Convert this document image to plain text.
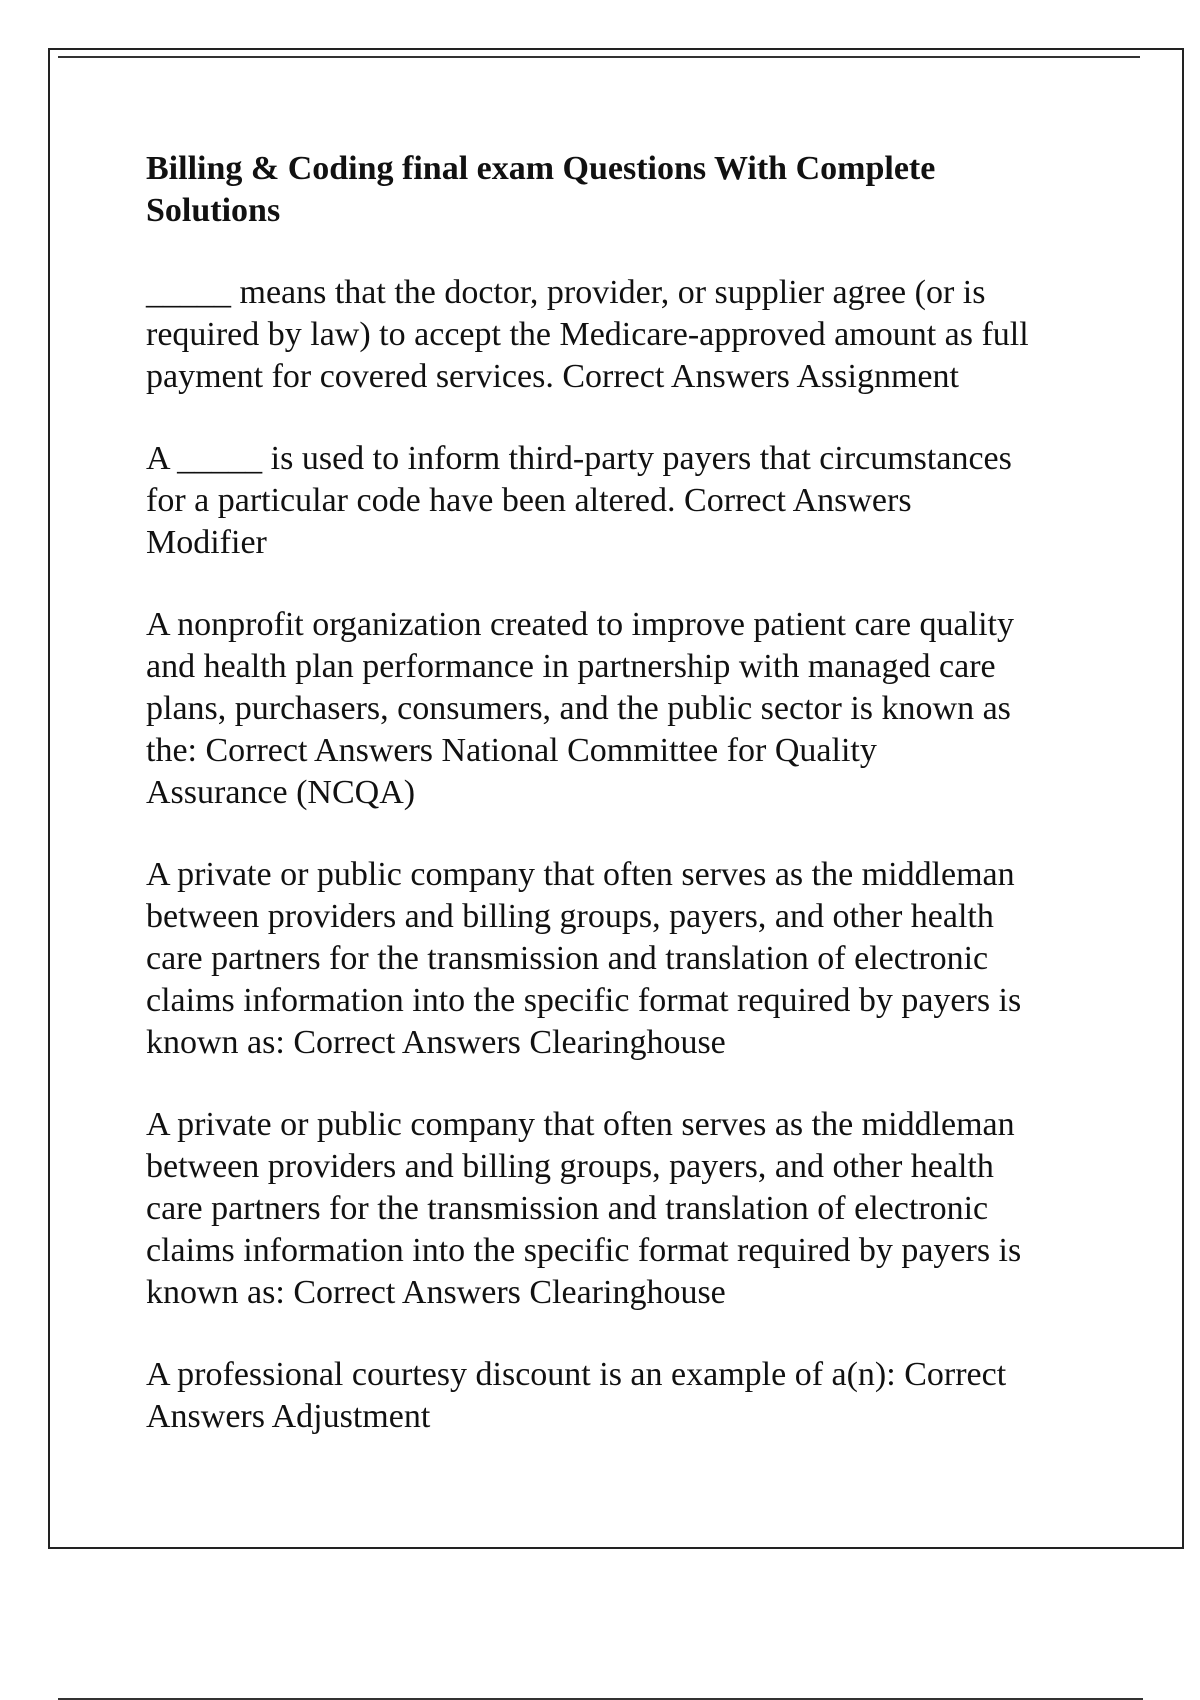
Billing & Coding final exam Questions With Complete
Solutions

_____ means that the doctor, provider, or supplier agree (or is
required by law) to accept the Medicare-approved amount as full
payment for covered services. Correct Answers Assignment

A _____ is used to inform third-party payers that circumstances
for a particular code have been altered. Correct Answers
Modifier

A nonprofit organization created to improve patient care quality
and health plan performance in partnership with managed care
plans, purchasers, consumers, and the public sector is known as
the: Correct Answers National Committee for Quality
Assurance (NCQA)

A private or public company that often serves as the middleman
between providers and billing groups, payers, and other health
care partners for the transmission and translation of electronic
claims information into the specific format required by payers is
known as: Correct Answers Clearinghouse

A private or public company that often serves as the middleman
between providers and billing groups, payers, and other health
care partners for the transmission and translation of electronic
claims information into the specific format required by payers is
known as: Correct Answers Clearinghouse

A professional courtesy discount is an example of a(n): Correct
Answers Adjustment
